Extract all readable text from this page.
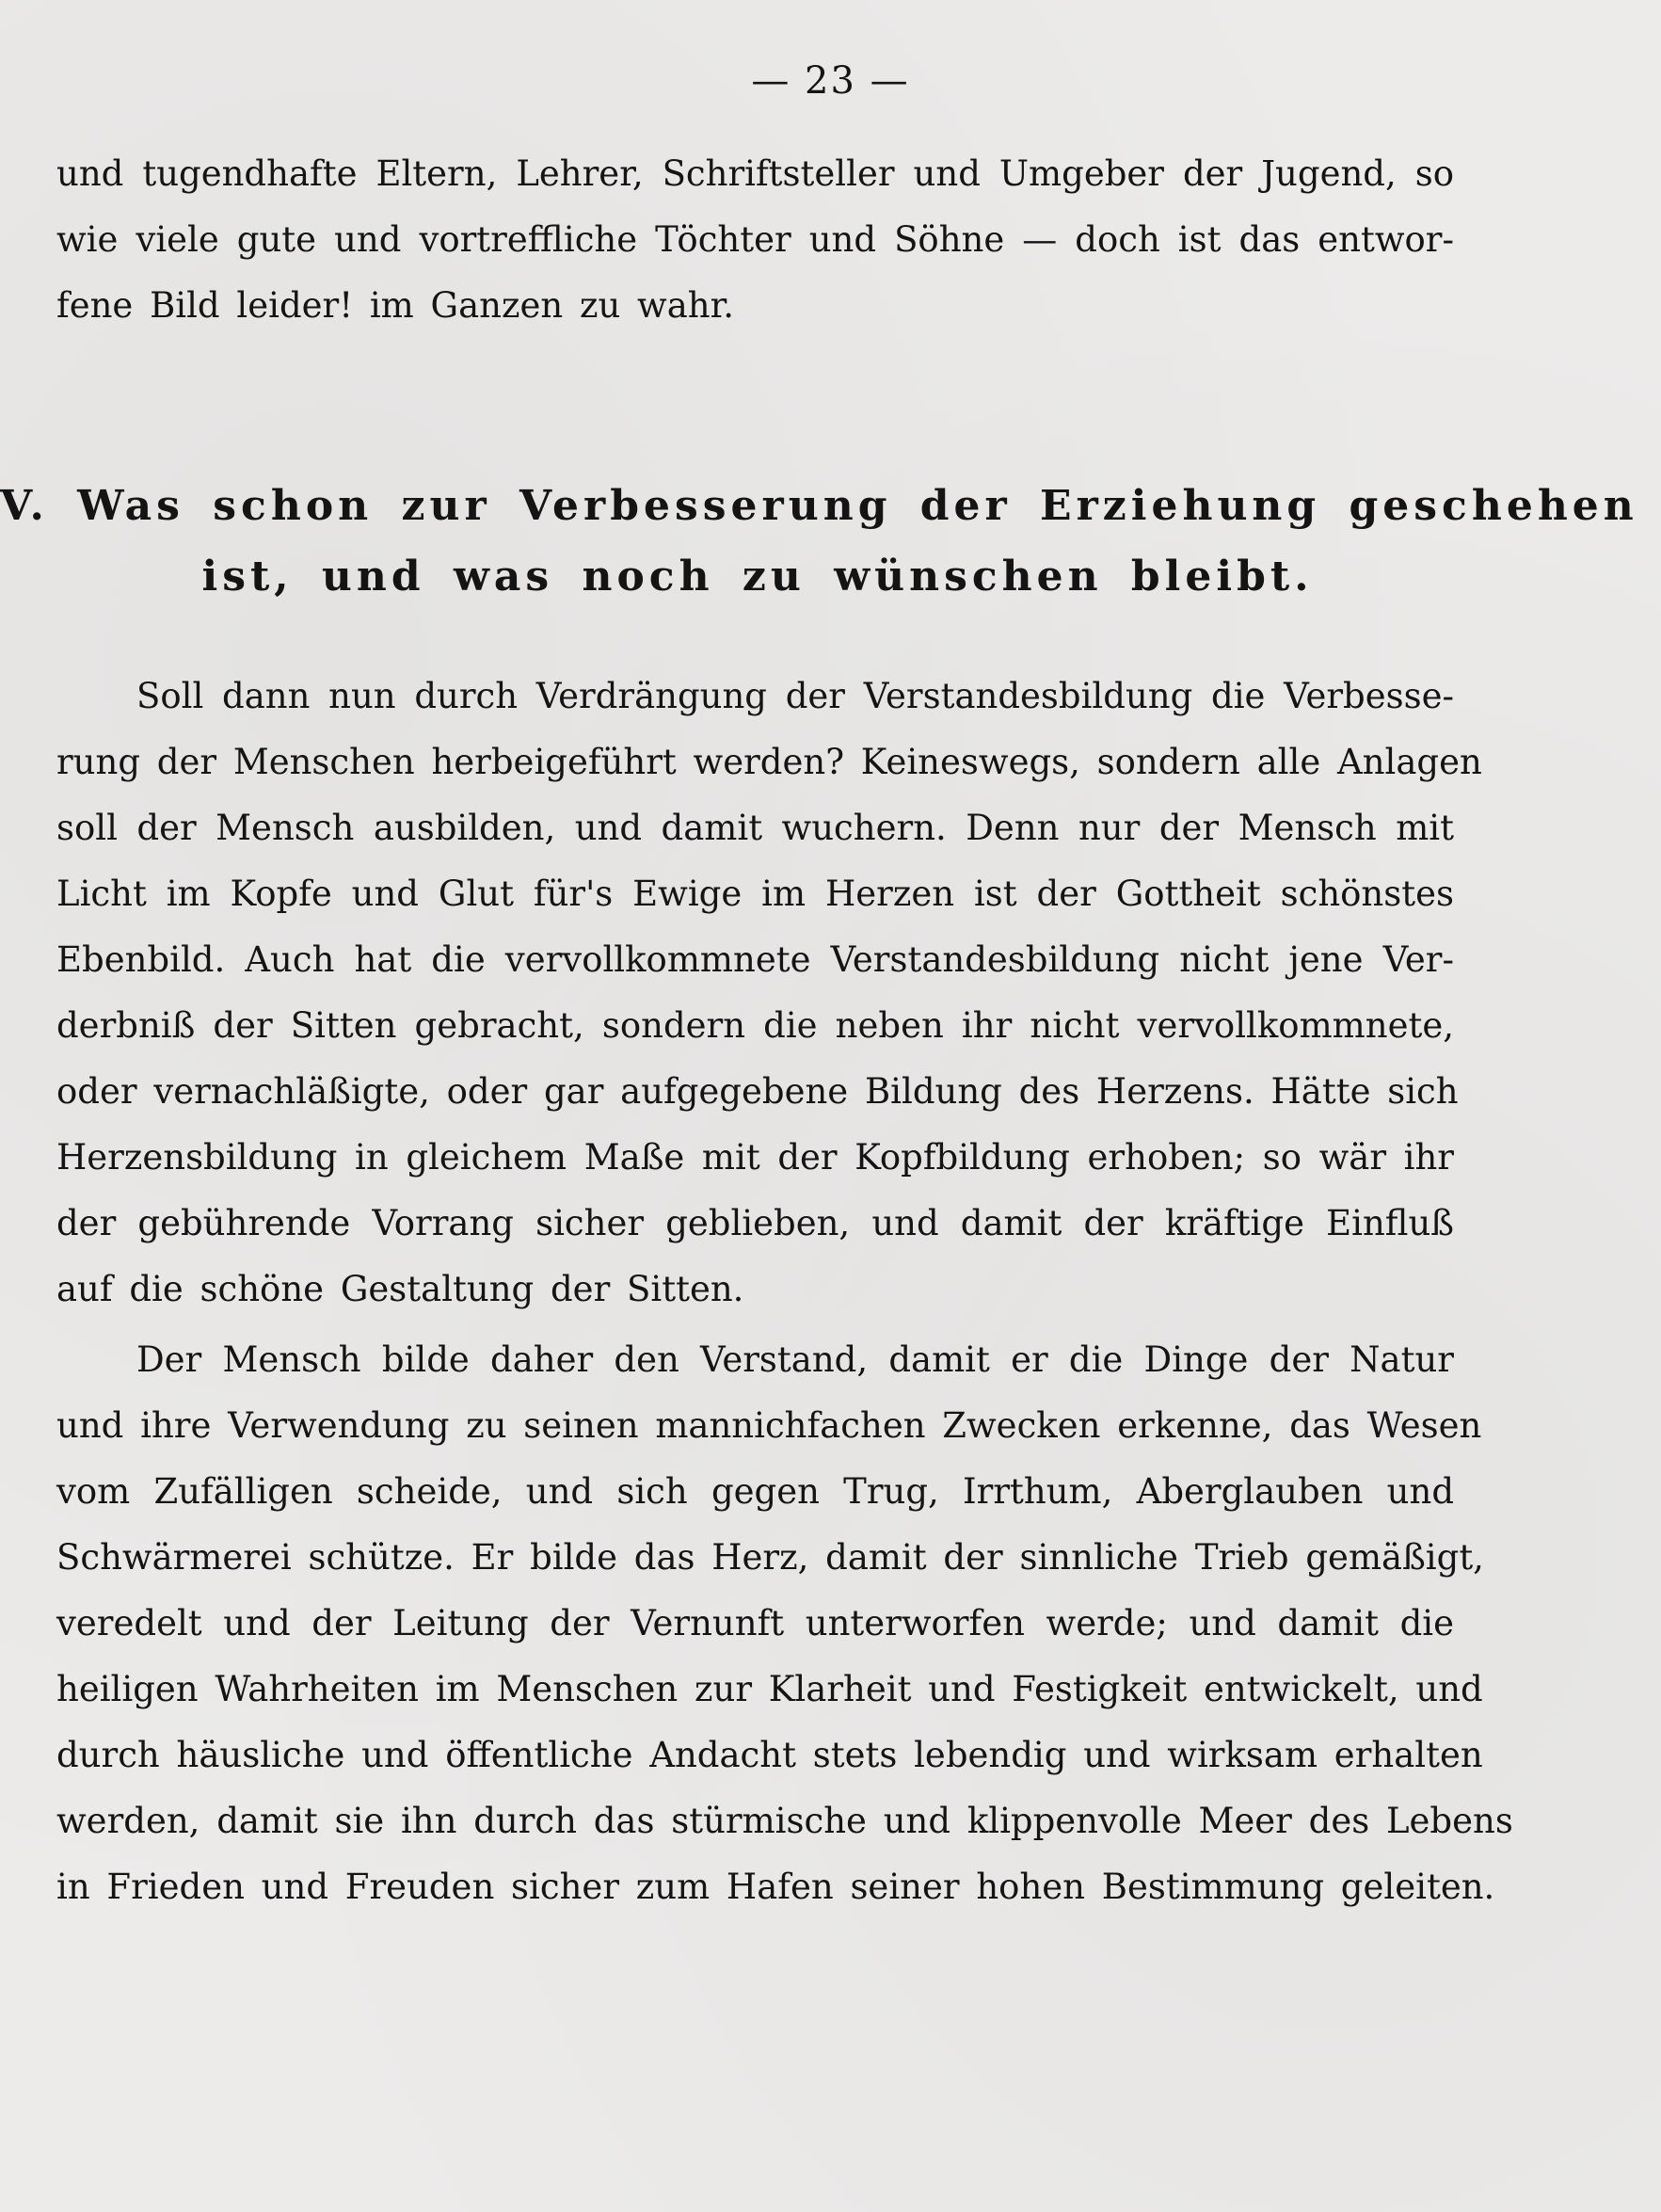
— 23 —
und tugendhafte Eltern, Lehrer, Schriftsteller und Umgeber der Jugend, so
wie viele gute und vortreffliche Töchter und Söhne — doch ist das entwor-
fene Bild leider! im Ganzen zu wahr.
V. Was schon zur Verbesserung der Erziehung geschehen
ist, und was noch zu wünschen bleibt.
Soll dann nun durch Verdrängung der Verstandesbildung die Verbesse-
rung der Menschen herbeigeführt werden? Keineswegs, sondern alle Anlagen
soll der Mensch ausbilden, und damit wuchern. Denn nur der Mensch mit
Licht im Kopfe und Glut für's Ewige im Herzen ist der Gottheit schönstes
Ebenbild. Auch hat die vervollkommnete Verstandesbildung nicht jene Ver-
derbniß der Sitten gebracht, sondern die neben ihr nicht vervollkommnete,
oder vernachläßigte, oder gar aufgegebene Bildung des Herzens. Hätte sich
Herzensbildung in gleichem Maße mit der Kopfbildung erhoben; so wär ihr
der gebührende Vorrang sicher geblieben, und damit der kräftige Einfluß
auf die schöne Gestaltung der Sitten.
Der Mensch bilde daher den Verstand, damit er die Dinge der Natur
und ihre Verwendung zu seinen mannichfachen Zwecken erkenne, das Wesen
vom Zufälligen scheide, und sich gegen Trug, Irrthum, Aberglauben und
Schwärmerei schütze. Er bilde das Herz, damit der sinnliche Trieb gemäßigt,
veredelt und der Leitung der Vernunft unterworfen werde; und damit die
heiligen Wahrheiten im Menschen zur Klarheit und Festigkeit entwickelt, und
durch häusliche und öffentliche Andacht stets lebendig und wirksam erhalten
werden, damit sie ihn durch das stürmische und klippenvolle Meer des Lebens
in Frieden und Freuden sicher zum Hafen seiner hohen Bestimmung geleiten.
